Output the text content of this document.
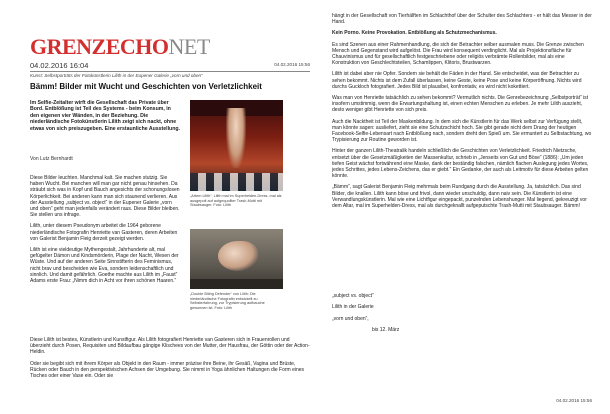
GRENZECHONET
04.02.2016 16:04	04.02.2016 15:56
Kunst: Selbstporträts der Fotokünstlerin Lilith in der Eupener Galerie „vorn und oben“
Bämm! Bilder mit Wucht und Geschichten von Verletzlichkeit
Im Selfie-Zeitalter wirft die Gesellschaft das Private über Bord. Entblößung ist Teil des Systems - beim Konsum, in den eigenen vier Wänden, in der Beziehung. Die niederländische Fotokünstlerin Lilith zeigt sich nackt, ohne etwas von sich preiszugeben. Eine erstaunliche Ausstellung.
Von Lutz Bernhardt
„Artem Lilith“, Lilith mal im Superhelden-Dress, mal als ausgepolt auf aufgequollter Trash-Mutti mit Staubsauger. Foto: Lilith
„Double Biting Defender“ von Lilith: Die niederländische Fotografin entwickelt zu Selbsterfahrung, zur Trypisierung aufbauche gewonnen ist. Foto: Lilith

Diese Bilder leuchten. Manchmal kalt. Sie machen stutzig. Sie haben Wucht. Bei manchen will man gar nicht genau hinsehen. Da sträubt sich was in Kopf und Bauch angesichts der schonungslosen Körperlichkeit. Bei anderen kann man sich staunend verlieren. Aus der Ausstellung „subject vs. object“ in der Eupener Galerie „vorn und oben“ geht man jedenfalls verändert raus. Diese Bilder bleiben. Sie stellen uns infrage.

Lilith, unter diesem Pseudonym arbeitet die 1964 geborene niederländische Fotografin Henriette van Gasteren, deren Arbeiten von Galerist Benjamin Fleig derzeit gezeigt werden.

Lilith ist eine vieldeutige Mythengestalt, Jahrhunderte alt, mal gefügelter Dämon und Kindsmörderin, Plage der Nacht, Wesen der Wüste. Und auf der anderen Seite Sinnstifterin des Feminismus, nicht brav und bescheiden wie Eva, sondern leidenschaftlich und sinnlich. Und damit gefährlich. Goethe machte aus Lilith im „Faust“ Adams erste Frau: „Nimm dich in Acht vor ihren schönen Haaren.“

Diese Lilith ist bestes, Künstlerin und Kunstfigur. Als Lilith fotografiert Henriette van Gasteren sich in Frauenrollen und überzieht durch Posen, Requisiten und Bildaufbau gängige Klischees von der Mutter, der Hausfrau, der Göttin oder der Action-Heldin.

Oder sie begibt sich mit ihrem Körper als Objekt in den Raum - immer präzise ihre Beine, ihr Gesäß, Vagina und Brüste, Rücken oder Bauch in den perspektivischen Achsen der Umgebung. Sie nimmt in Yoga ähnlichen Haltungen die Form eines Tisches oder einer Vase ein. Oder sie

hängt in der Gesellschaft von Tierhälften im Schlachthof über der Schulter des Schlachters - er hält das Messer in der Hand.

Kein Porno. Keine Provokation. Entblößung als Schutzmechanismus.

Es sind Szenen aus einer Rahmenhandlung, die sich der Betrachter selber ausmalen muss. Die Grenze zwischen Mensch und Gegenstand wird aufgelöst. Die Frau wird konsequent verdinglicht. Mal als Projektionsfläche für Chauvinismus und für gesellschaftlich festgeschriebene oder religiös verbrämte Rollenbilder, mal als eine Konstruktion von Geschlechtsteilen, Schamlippen, Klitoris, Brustwarzen.

Lilith ist dabei aber nie Opfer. Sondern sie behält die Fäden in der Hand. Sie entscheidet, was der Betrachter zu sehen bekommt. Nichts ist dem Zufall überlassen, keine Geste, keine Pose und keine Körperöffnung. Nichts wird durchs Guckloch fotografiert. Jedes Bild ist plausibel, konfrontativ, es wird nicht kokettiert.

Was man von Henriette tatsächlich zu sehen bekommt? Vermutlich nichts. Die Genrebezeichnung „Selbstporträt“ ist insofern umstimmig, wenn die Erwartungshaltung ist, einen echten Menschen zu erleben. Je mehr Lilith auszieht, desto weniger gibt Henriette von sich preis.

Auch die Nacktheit ist Teil der Maskenbildung. In dem sich die Künstlerin für das Werk selbst zur Verfügung stellt, man könnte sagen: ausliefert, zieht sie eine Schutzschicht hoch. Sie gibt gerade nicht dem Drang der heutigen Facebook-Selfie-Lebensart nach Entblößung nach, sondern dreht den Spieß um. Sie ermuntert zu Selbstachtung, wo Trypisierung zur Routine geworden ist.

Hinter der ganzen Lilith-Theatralik handeln schließlich die Geschichten von Verletzlichkeit. Friedrich Nietzsche, entsetzt über die Gesetzmäßigkeiten der Massenkultur, schrieb in „Jenseits von Gut und Böse“ (1886): „Um jeden tiefen Geist wächst fortwährend eine Maske, dank der beständig falschen, nämlich flachen Auslegung jedes Wortes, jedes Schrittes, jedes Lebens-Zeichens, das er giebt.“ Ein Gedanke, der auch als Leitmotiv für diese Arbeiten gelten könnte.

„Bämm“, sagt Galerist Benjamin Fleig mehrmals beim Rundgang durch die Ausstellung. Ja, tatsächlich. Das sind Bilder, die knallen. Lilith kann böse und frivol, dann wieder unschuldig, dann naiv sein. Die Künstlerin ist eine Verwandlungskünstlerin. Mal wie eine Lichtfigur eingepackt, punzelnden Lebenshunger. Mal liegend, gekreuzigt vor dem Altar, mal im Superhelden-Dress, mal als durchgeknallt aufgeputschte Trash-Mutti mit Staubsauger. Bämm!

„subject vs. object“
Lilith in der Galerie
„vorn und oben“,
bis 12. März
04.02.2016 15:56
